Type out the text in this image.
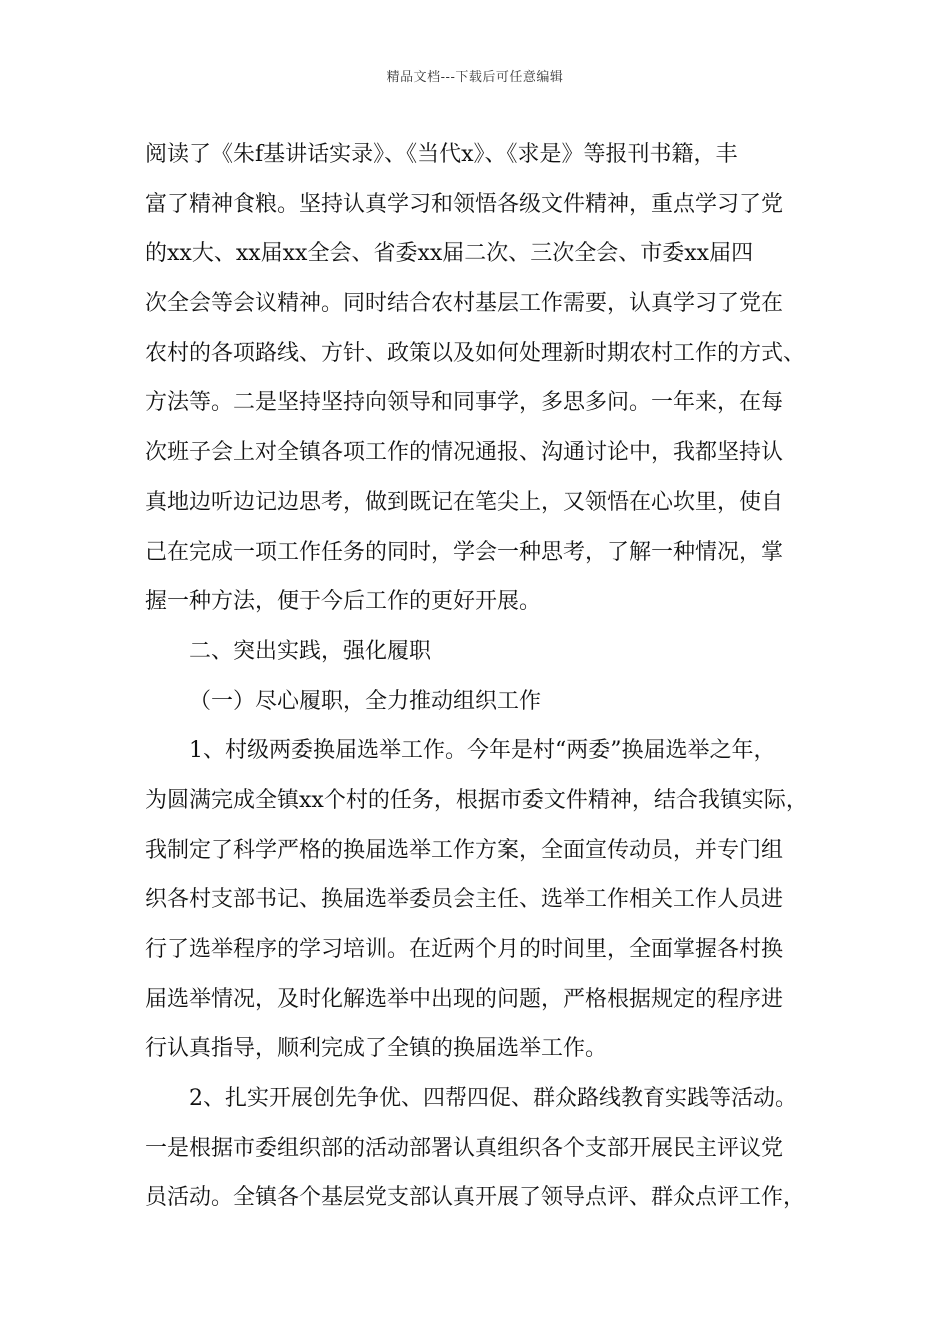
精品文档---下载后可任意编辑
阅读了《朱f基讲话实录》、《当代x》、《求是》等报刊书籍，丰
富了精神食粮。坚持认真学习和领悟各级文件精神，重点学习了党
的xx大、xx届xx全会、省委xx届二次、三次全会、市委xx届四
次全会等会议精神。同时结合农村基层工作需要，认真学习了党在
农村的各项路线、方针、政策以及如何处理新时期农村工作的方式、
方法等。二是坚持坚持向领导和同事学，多思多问。一年来，在每
次班子会上对全镇各项工作的情况通报、沟通讨论中，我都坚持认
真地边听边记边思考，做到既记在笔尖上，又领悟在心坎里，使自
己在完成一项工作任务的同时，学会一种思考，了解一种情况，掌
握一种方法，便于今后工作的更好开展。
二、突出实践，强化履职
（一）尽心履职，全力推动组织工作
1、村级两委换届选举工作。今年是村“两委”换届选举之年，
为圆满完成全镇xx个村的任务，根据市委文件精神，结合我镇实际，
我制定了科学严格的换届选举工作方案，全面宣传动员，并专门组
织各村支部书记、换届选举委员会主任、选举工作相关工作人员进
行了选举程序的学习培训。在近两个月的时间里，全面掌握各村换
届选举情况，及时化解选举中出现的问题，严格根据规定的程序进
行认真指导，顺利完成了全镇的换届选举工作。
2、扎实开展创先争优、四帮四促、群众路线教育实践等活动。
一是根据市委组织部的活动部署认真组织各个支部开展民主评议党
员活动。全镇各个基层党支部认真开展了领导点评、群众点评工作，
